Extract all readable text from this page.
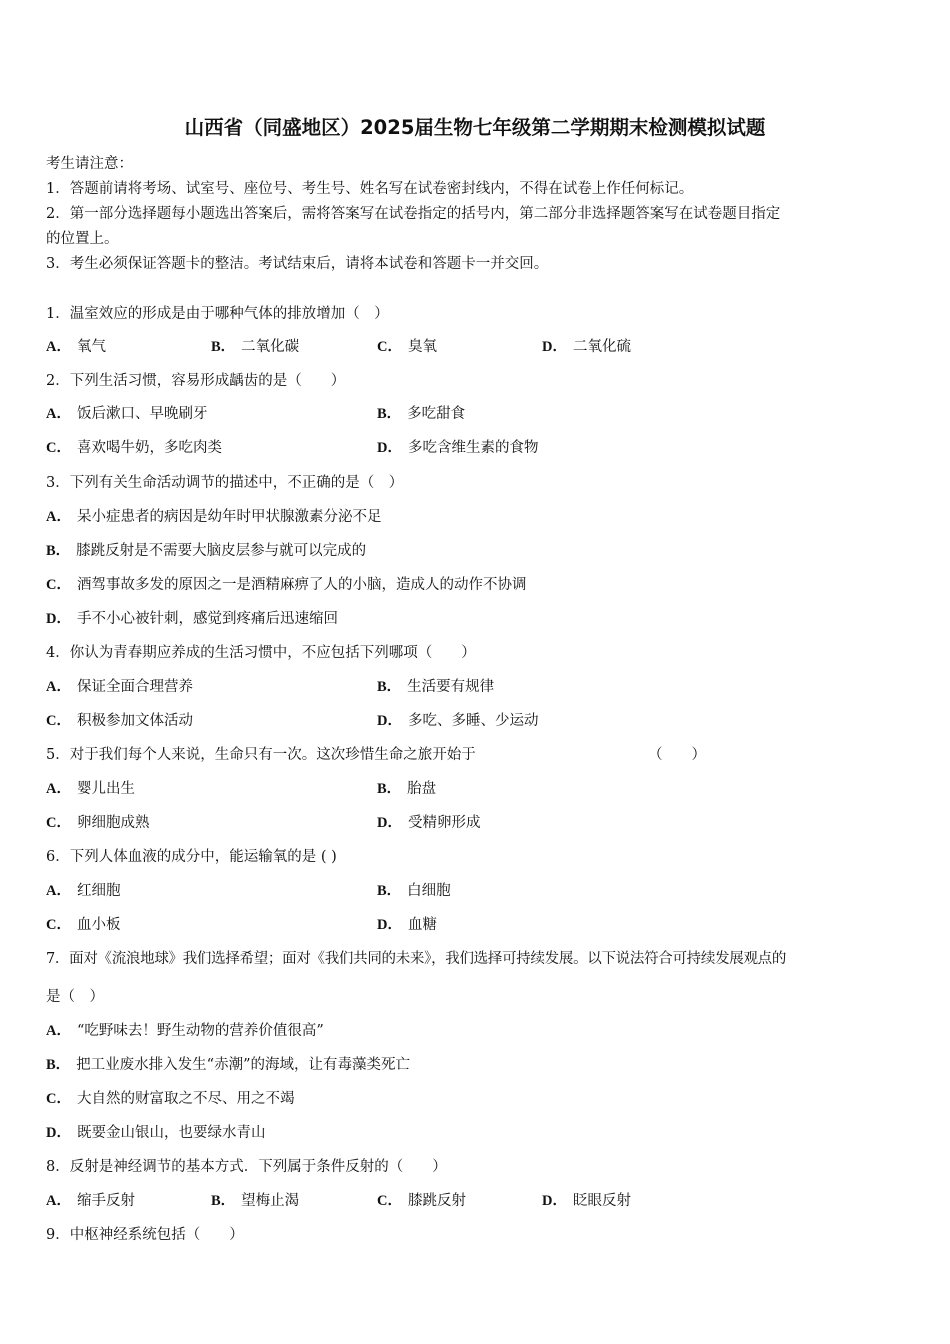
山西省（同盛地区）2025届生物七年级第二学期期末检测模拟试题
考生请注意：
1．答题前请将考场、试室号、座位号、考生号、姓名写在试卷密封线内，不得在试卷上作任何标记。
2．第一部分选择题每小题选出答案后，需将答案写在试卷指定的括号内，第二部分非选择题答案写在试卷题目指定
的位置上。
3．考生必须保证答题卡的整洁。考试结束后，请将本试卷和答题卡一并交回。
1．温室效应的形成是由于哪种气体的排放增加（　）
A． 氧气	B． 二氧化碳	C． 臭氧	D． 二氧化硫
2．下列生活习惯，容易形成龋齿的是（　　）
A． 饭后漱口、早晚刷牙	B． 多吃甜食
C． 喜欢喝牛奶，多吃肉类	D． 多吃含维生素的食物
3．下列有关生命活动调节的描述中，不正确的是（　）
A． 呆小症患者的病因是幼年时甲状腺激素分泌不足
B． 膝跳反射是不需要大脑皮层参与就可以完成的
C． 酒驾事故多发的原因之一是酒精麻痹了人的小脑，造成人的动作不协调
D． 手不小心被针刺，感觉到疼痛后迅速缩回
4．你认为青春期应养成的生活习惯中，不应包括下列哪项（　　）
A． 保证全面合理营养	B． 生活要有规律
C． 积极参加文体活动	D． 多吃、多睡、少运动
5．对于我们每个人来说，生命只有一次。这次珍惜生命之旅开始于	（　　）
A． 婴儿出生	B． 胎盘
C． 卵细胞成熟	D． 受精卵形成
6．下列人体血液的成分中，能运输氧的是 ( )
A． 红细胞	B． 白细胞
C． 血小板	D． 血糖
7．面对《流浪地球》我们选择希望；面对《我们共同的未来》，我们选择可持续发展。以下说法符合可持续发展观点的
是（　）
A． “吃野味去！野生动物的营养价值很高”
B． 把工业废水排入发生“赤潮”的海域，让有毒藻类死亡
C． 大自然的财富取之不尽、用之不竭
D． 既要金山银山，也要绿水青山
8．反射是神经调节的基本方式．下列属于条件反射的（　　）
A． 缩手反射	B． 望梅止渴	C． 膝跳反射	D． 眨眼反射
9．中枢神经系统包括（　　）
